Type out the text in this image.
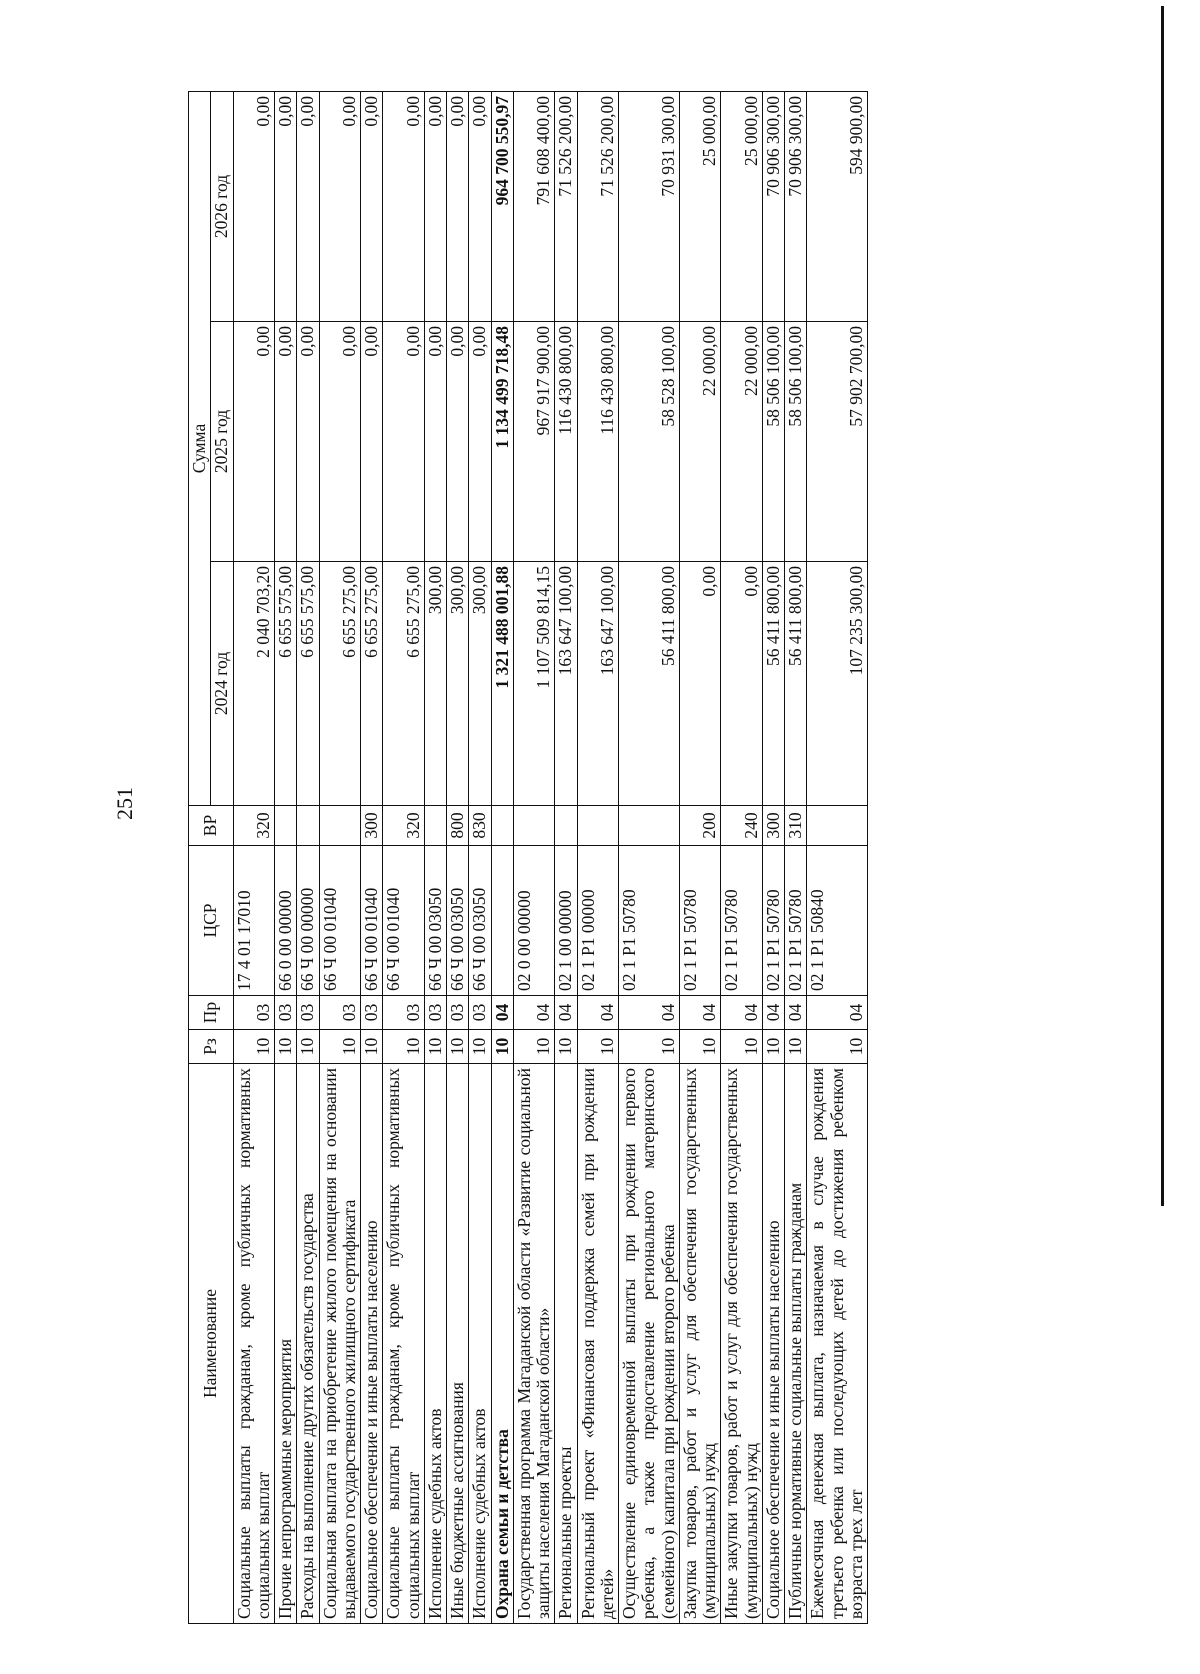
251
Наименование	Рз	Пр	ЦСР	ВР	Сумма		
					2024 год	2025 год	2026 год
Социальные выплаты гражданам, кроме публичных нормативных социальных выплат	10	03	17 4 01 17010	320	2 040 703,20	0,00	0,00
Прочие непрограммные мероприятия	10	03	66 0 00 00000		6 655 575,00	0,00	0,00
Расходы на выполнение других обязательств государства	10	03	66 Ч 00 00000		6 655 575,00	0,00	0,00
Социальная выплата на приобретение жилого помещения на основании выдаваемого государственного жилищного сертификата	10	03	66 Ч 00 01040		6 655 275,00	0,00	0,00
Социальное обеспечение и иные выплаты населению	10	03	66 Ч 00 01040	300	6 655 275,00	0,00	0,00
Социальные выплаты гражданам, кроме публичных нормативных социальных выплат	10	03	66 Ч 00 01040	320	6 655 275,00	0,00	0,00
Исполнение судебных актов	10	03	66 Ч 00 03050		300,00	0,00	0,00
Иные бюджетные ассигнования	10	03	66 Ч 00 03050	800	300,00	0,00	0,00
Исполнение судебных актов	10	03	66 Ч 00 03050	830	300,00	0,00	0,00
Охрана семьи и детства	10	04			1 321 488 001,88	1 134 499 718,48	964 700 550,97
Государственная программа Магаданской области «Развитие социальной защиты населения Магаданской области»	10	04	02 0 00 00000		1 107 509 814,15	967 917 900,00	791 608 400,00
Региональные проекты	10	04	02 1 00 00000		163 647 100,00	116 430 800,00	71 526 200,00
Региональный проект «Финансовая поддержка семей при рождении детей»	10	04	02 1 P1 00000		163 647 100,00	116 430 800,00	71 526 200,00
Осуществление единовременной выплаты при рождении первого ребенка, а также предоставление регионального материнского (семейного) капитала при рождении второго ребенка	10	04	02 1 P1 50780		56 411 800,00	58 528 100,00	70 931 300,00
Закупка товаров, работ и услуг для обеспечения государственных (муниципальных) нужд	10	04	02 1 P1 50780	200	0,00	22 000,00	25 000,00
Иные закупки товаров, работ и услуг для обеспечения государственных (муниципальных) нужд	10	04	02 1 P1 50780	240	0,00	22 000,00	25 000,00
Социальное обеспечение и иные выплаты населению	10	04	02 1 P1 50780	300	56 411 800,00	58 506 100,00	70 906 300,00
Публичные нормативные социальные выплаты гражданам	10	04	02 1 P1 50780	310	56 411 800,00	58 506 100,00	70 906 300,00
Ежемесячная денежная выплата, назначаемая в случае рождения третьего ребенка или последующих детей до достижения ребенком возраста трех лет	10	04	02 1 P1 50840		107 235 300,00	57 902 700,00	594 900,00
